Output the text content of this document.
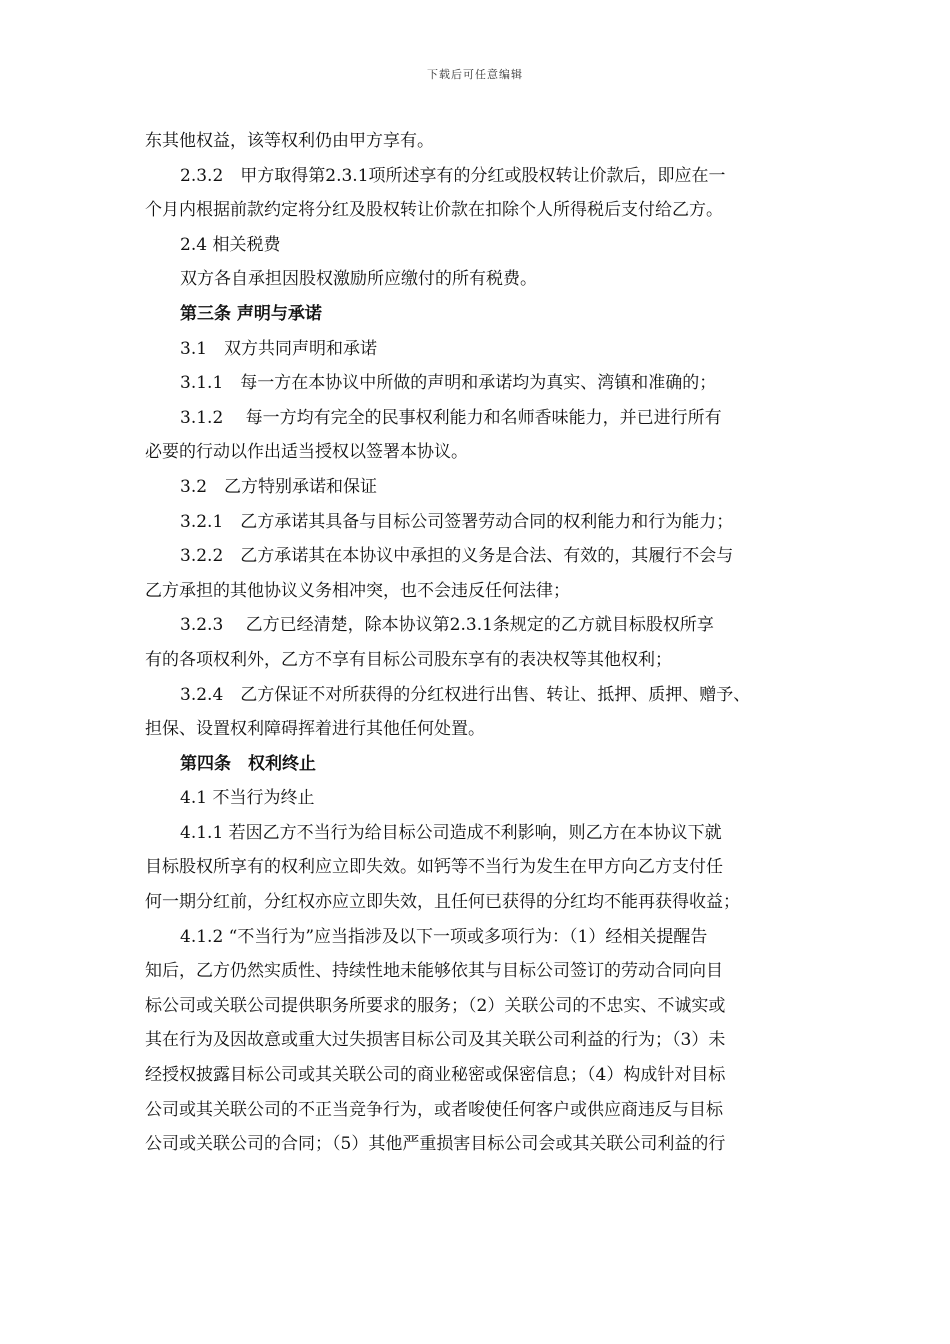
下载后可任意编辑
东其他权益，该等权利仍由甲方享有。
2.3.2　甲方取得第2.3.1项所述享有的分红或股权转让价款后，即应在一
个月内根据前款约定将分红及股权转让价款在扣除个人所得税后支付给乙方。
2.4 相关税费
双方各自承担因股权激励所应缴付的所有税费。
第三条 声明与承诺
3.1　双方共同声明和承诺
3.1.1　每一方在本协议中所做的声明和承诺均为真实、湾镇和准确的；
3.1.2　 每一方均有完全的民事权利能力和名师香味能力，并已进行所有
必要的行动以作出适当授权以签署本协议。
3.2　乙方特别承诺和保证
3.2.1　乙方承诺其具备与目标公司签署劳动合同的权利能力和行为能力；
3.2.2　乙方承诺其在本协议中承担的义务是合法、有效的，其履行不会与
乙方承担的其他协议义务相冲突，也不会违反任何法律；
3.2.3　 乙方已经清楚，除本协议第2.3.1条规定的乙方就目标股权所享
有的各项权利外，乙方不享有目标公司股东享有的表决权等其他权利；
3.2.4　乙方保证不对所获得的分红权进行出售、转让、抵押、质押、赠予、
担保、设置权利障碍挥着进行其他任何处置。
第四条　权利终止
4.1 不当行为终止
4.1.1 若因乙方不当行为给目标公司造成不利影响，则乙方在本协议下就
目标股权所享有的权利应立即失效。如钙等不当行为发生在甲方向乙方支付任
何一期分红前，分红权亦应立即失效，且任何已获得的分红均不能再获得收益；
4.1.2 “不当行为”应当指涉及以下一项或多项行为：（1）经相关提醒告
知后，乙方仍然实质性、持续性地未能够依其与目标公司签订的劳动合同向目
标公司或关联公司提供职务所要求的服务；（2）关联公司的不忠实、不诚实或
其在行为及因故意或重大过失损害目标公司及其关联公司利益的行为；（3）未
经授权披露目标公司或其关联公司的商业秘密或保密信息；（4）构成针对目标
公司或其关联公司的不正当竞争行为，或者唆使任何客户或供应商违反与目标
公司或关联公司的合同；（5）其他严重损害目标公司会或其关联公司利益的行
